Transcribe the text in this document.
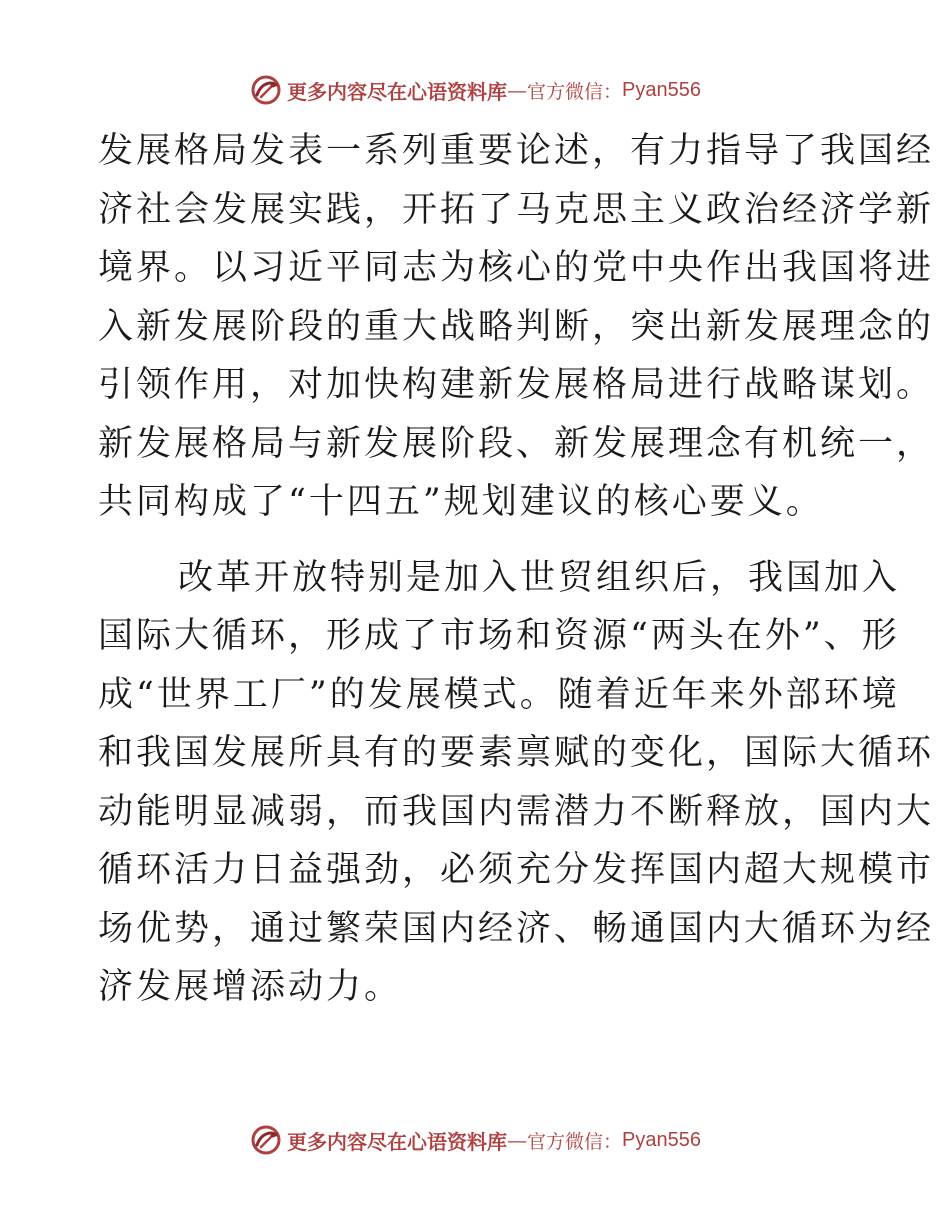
更多内容尽在心语资料库 — 官方微信： Pyan556

发展格局发表一系列重要论述，有力指导了我国经
济社会发展实践，开拓了马克思主义政治经济学新
境界。以习近平同志为核心的党中央作出我国将进
入新发展阶段的重大战略判断，突出新发展理念的
引领作用，对加快构建新发展格局进行战略谋划。
新发展格局与新发展阶段、新发展理念有机统一，
共同构成了“十四五”规划建议的核心要义。

改革开放特别是加入世贸组织后，我国加入
国际大循环，形成了市场和资源“两头在外”、形
成“世界工厂”的发展模式。随着近年来外部环境
和我国发展所具有的要素禀赋的变化，国际大循环
动能明显减弱，而我国内需潜力不断释放，国内大
循环活力日益强劲，必须充分发挥国内超大规模市
场优势，通过繁荣国内经济、畅通国内大循环为经
济发展增添动力。

更多内容尽在心语资料库 — 官方微信： Pyan556
